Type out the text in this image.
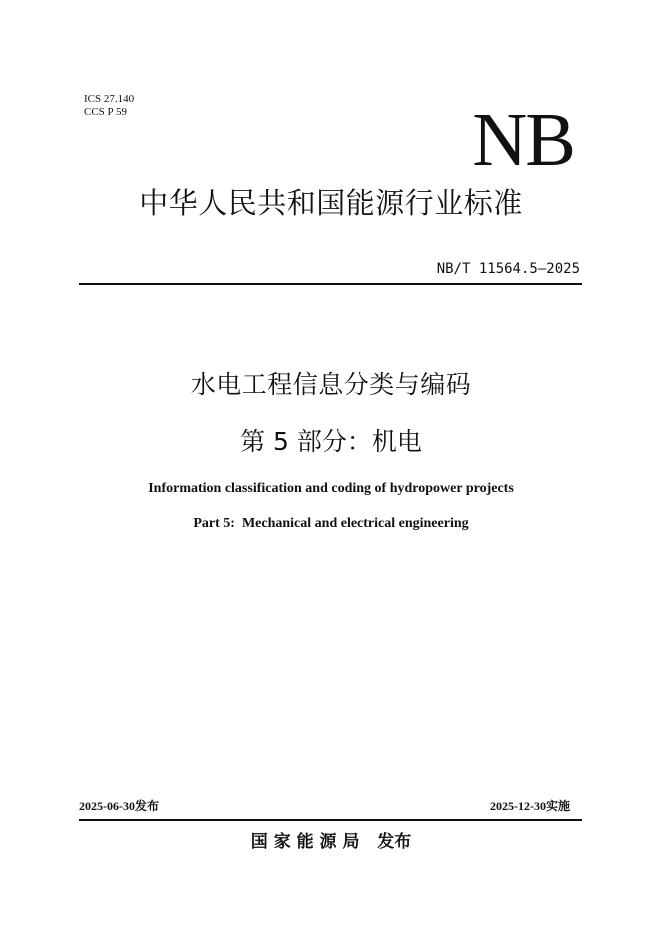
ICS 27.140
CCS P 59	NB
中华人民共和国能源行业标准
NB/T 11564.5—2025
水电工程信息分类与编码
第 5 部分：机电
Information classification and coding of hydropower projects
Part 5:  Mechanical and electrical engineering
2025-06-30发布	2025-12-30实施
国 家 能 源 局   发布
